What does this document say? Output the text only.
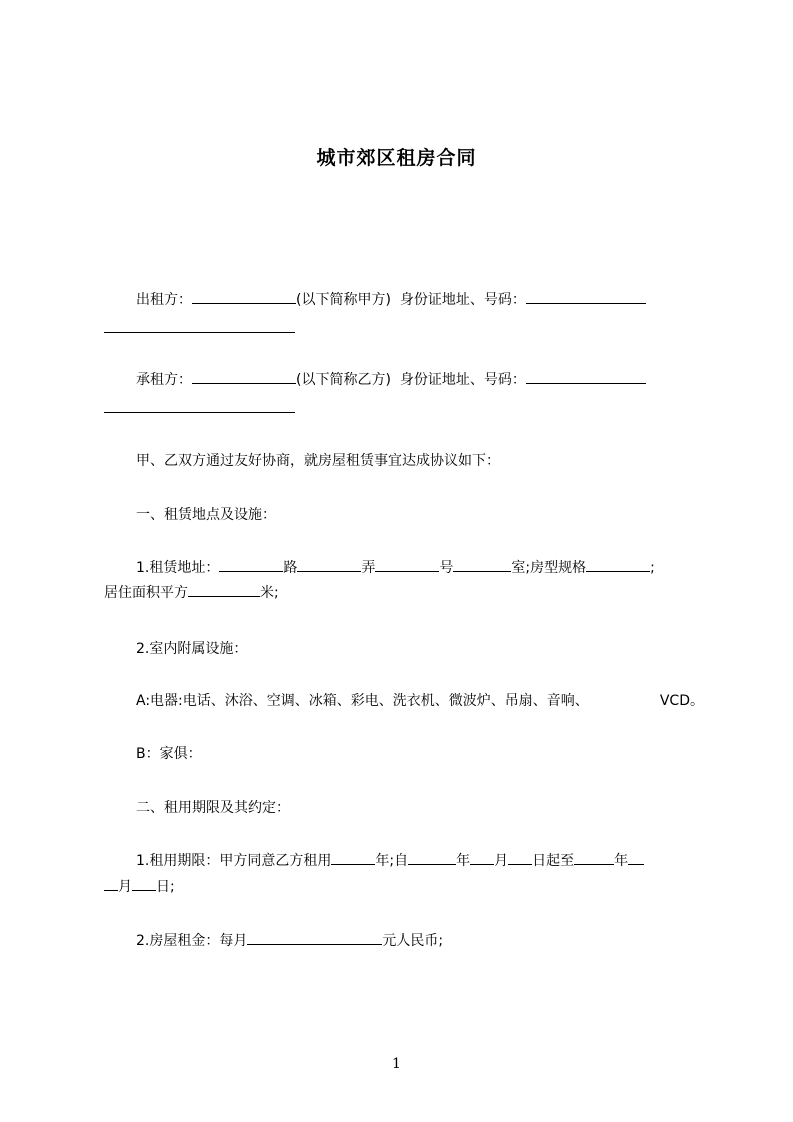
城市郊区租房合同
出租方：	(以下简称甲方) 身份证地址、号码：
承租方：	(以下简称乙方) 身份证地址、号码：
甲、乙双方通过友好协商，就房屋租赁事宜达成协议如下：
一、租赁地点及设施：
1.租赁地址：	路	弄	号	室;房型规格	;
居住面积平方	米;
2.室内附属设施：
A:电器:电话、沐浴、空调、冰箱、彩电、洗衣机、微波炉、吊扇、音响、	VCD。
B：家俱：
二、租用期限及其约定：
1.租用期限：甲方同意乙方租用	年;自	年 月 日起至	年
月 日;
2.房屋租金：每月	元人民币;
1
